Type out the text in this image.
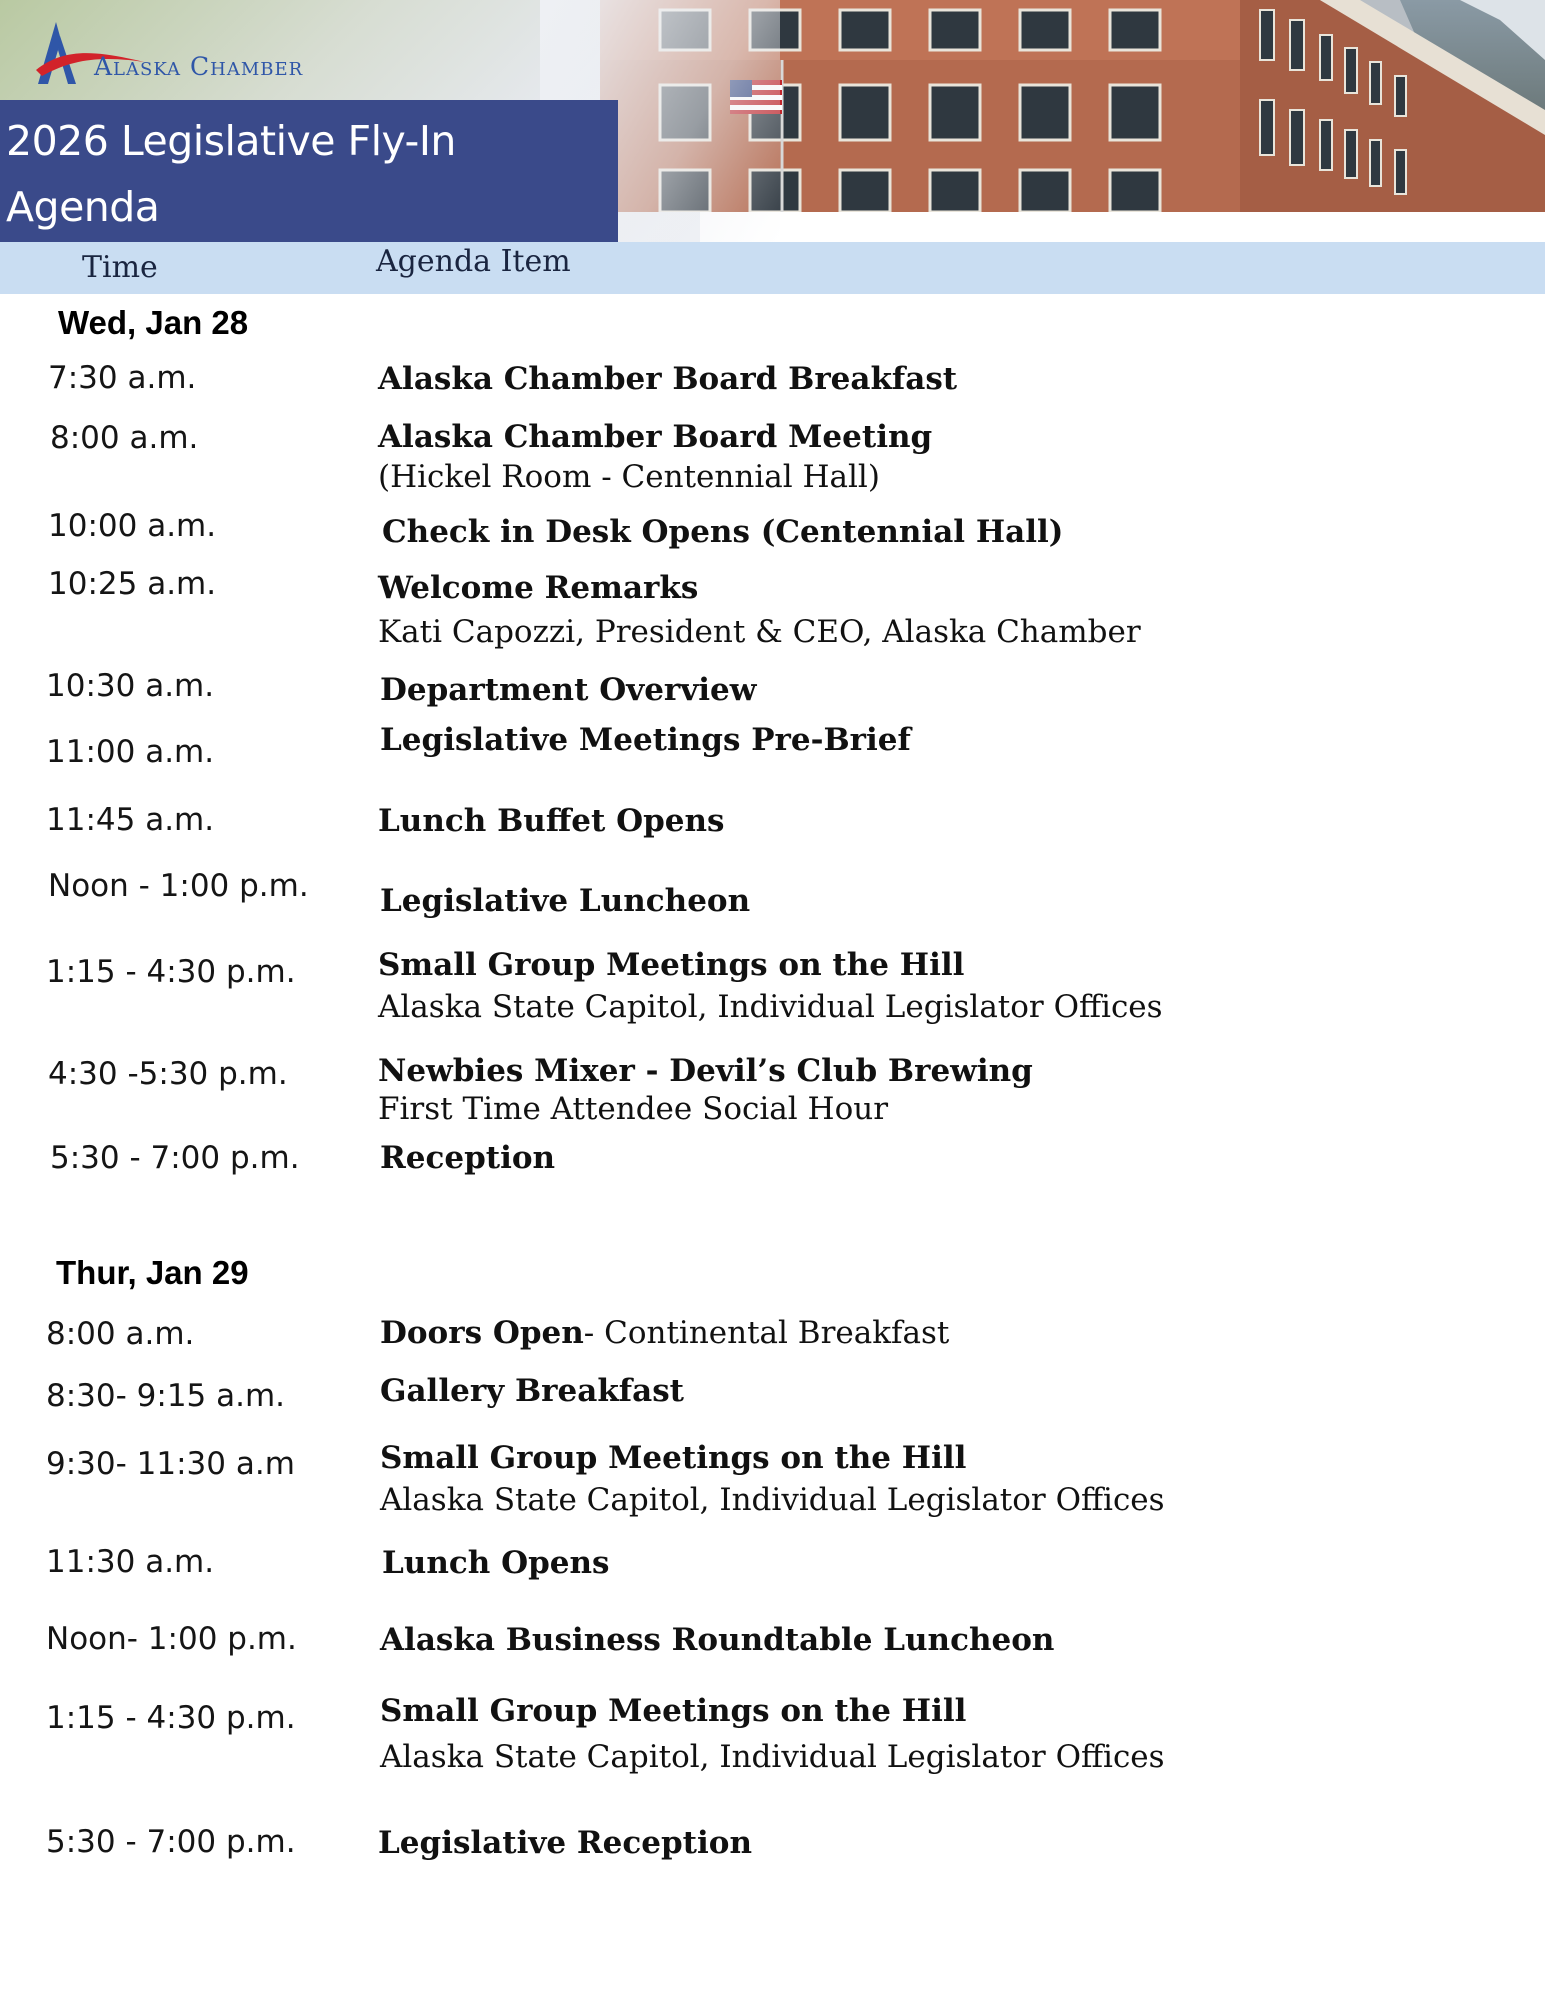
Alaska Chamber
2026 Legislative Fly-In
Agenda
Time	Agenda Item
Wed, Jan 28
7:30 a.m.	Alaska Chamber Board Breakfast
8:00 a.m.	Alaska Chamber Board Meeting
(Hickel Room - Centennial Hall)
10:00 a.m.	Check in Desk Opens (Centennial Hall)
10:25 a.m.	Welcome Remarks
Kati Capozzi, President & CEO, Alaska Chamber
10:30 a.m.	Department Overview
11:00 a.m.	Legislative Meetings Pre-Brief
11:45 a.m.	Lunch Buffet Opens
Noon - 1:00 p.m. Legislative Luncheon
1:15 - 4:30 p.m.	Small Group Meetings on the Hill
Alaska State Capitol, Individual Legislator Offices
4:30 -5:30 p.m.	Newbies Mixer - Devil’s Club Brewing
First Time Attendee Social Hour
5:30 - 7:00 p.m.	Reception
Thur, Jan 29
8:00 a.m.	Doors Open- Continental Breakfast
8:30- 9:15 a.m.	Gallery Breakfast
9:30- 11:30 a.m	Small Group Meetings on the Hill
Alaska State Capitol, Individual Legislator Offices
11:30 a.m.	Lunch Opens
Noon- 1:00 p.m.	Alaska Business Roundtable Luncheon
1:15 - 4:30 p.m.	Small Group Meetings on the Hill
Alaska State Capitol, Individual Legislator Offices
5:30 - 7:00 p.m.	Legislative Reception
